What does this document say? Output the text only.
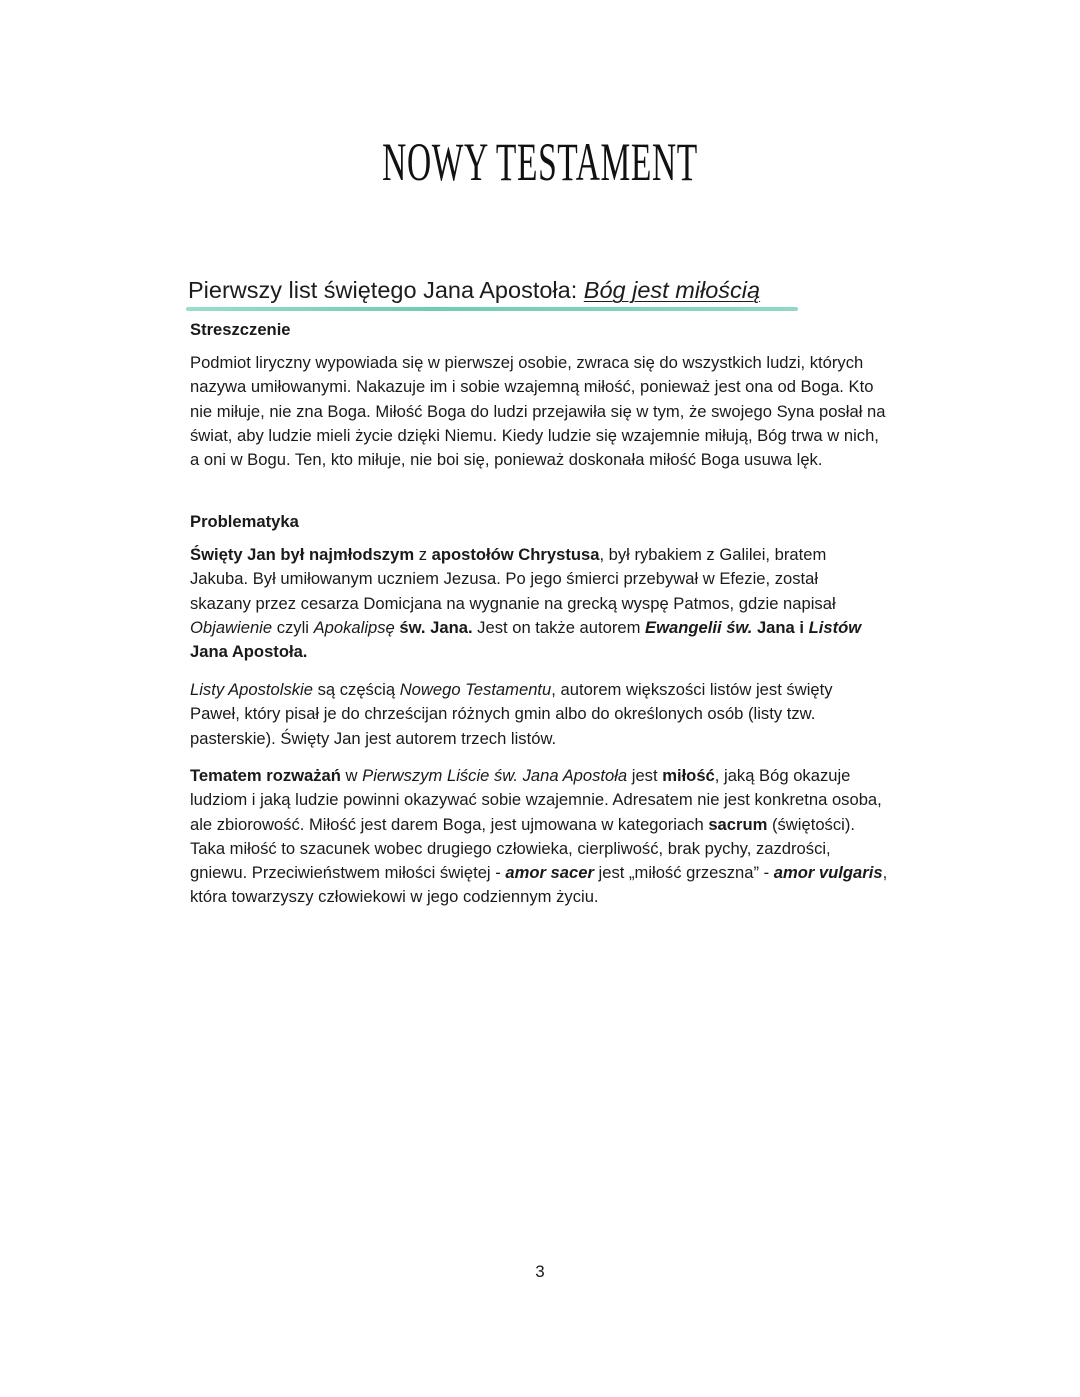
NOWY TESTAMENT
Pierwszy list świętego Jana Apostoła: Bóg jest miłością
Streszczenie

Podmiot liryczny wypowiada się w pierwszej osobie, zwraca się do wszystkich ludzi, których nazywa umiłowanymi. Nakazuje im i sobie wzajemną miłość, ponieważ jest ona od Boga. Kto nie miłuje, nie zna Boga. Miłość Boga do ludzi przejawiła się w tym, że swojego Syna posłał na świat, aby ludzie mieli życie dzięki Niemu. Kiedy ludzie się wzajemnie miłują, Bóg trwa w nich, a oni w Bogu. Ten, kto miłuje, nie boi się, ponieważ doskonała miłość Boga usuwa lęk.

Problematyka

Święty Jan był najmłodszym z apostołów Chrystusa, był rybakiem z Galilei, bratem Jakuba. Był umiłowanym uczniem Jezusa. Po jego śmierci przebywał w Efezie, został skazany przez cesarza Domicjana na wygnanie na grecką wyspę Patmos, gdzie napisał Objawienie czyli Apokalipsę św. Jana. Jest on także autorem Ewangelii św. Jana i Listów Jana Apostoła.

Listy Apostolskie są częścią Nowego Testamentu, autorem większości listów jest święty Paweł, który pisał je do chrześcijan różnych gmin albo do określonych osób (listy tzw. pasterskie). Święty Jan jest autorem trzech listów.

Tematem rozważań w Pierwszym Liście św. Jana Apostoła jest miłość, jaką Bóg okazuje ludziom i jaką ludzie powinni okazywać sobie wzajemnie. Adresatem nie jest konkretna osoba, ale zbiorowość. Miłość jest darem Boga, jest ujmowana w kategoriach sacrum (świętości). Taka miłość to szacunek wobec drugiego człowieka, cierpliwość, brak pychy, zazdrości, gniewu. Przeciwieństwem miłości świętej - amor sacer jest „miłość grzeszna” - amor vulgaris, która towarzyszy człowiekowi w jego codziennym życiu.

3
